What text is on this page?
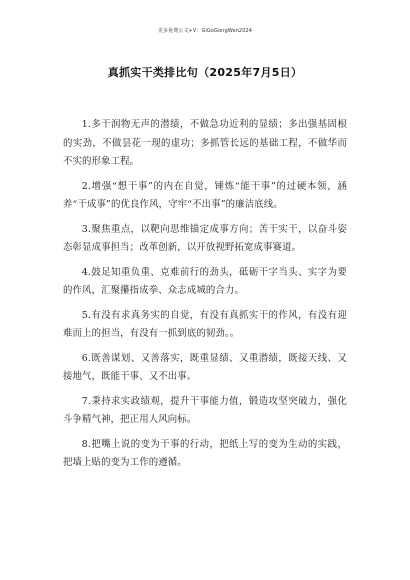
更多免费公文+V：GiGoGongWen2024
真抓实干类排比句（2025年7月5日）

1.多干润物无声的潜绩，不做急功近利的显绩；多出强基固根的实劲，不做昙花一现的虚功；多抓管长远的基础工程，不做华而不实的形象工程。

2.增强“想干事”的内在自觉，锤炼“能干事”的过硬本领，涵养“干成事”的优良作风，守牢“不出事”的廉洁底线。

3.聚焦重点，以靶向思维锚定成事方向；苦干实干，以奋斗姿态彰显成事担当；改革创新，以开放视野拓宽成事赛道。

4.鼓足知重负重、克难前行的劲头，砥砺干字当头、实字为要的作风，汇聚攥指成拳、众志成城的合力。

5.有没有求真务实的自觉，有没有真抓实干的作风，有没有迎难而上的担当，有没有一抓到底的韧劲。。

6.既善谋划、又善落实，既重显绩、又重潜绩，既接天线、又接地气，既能干事、又不出事。

7.秉持求实政绩观，提升干事能力值，锻造攻坚突破力，强化斗争精气神，把正用人风向标。

8.把嘴上说的变为干事的行动，把纸上写的变为生动的实践，把墙上贴的变为工作的遵循。
